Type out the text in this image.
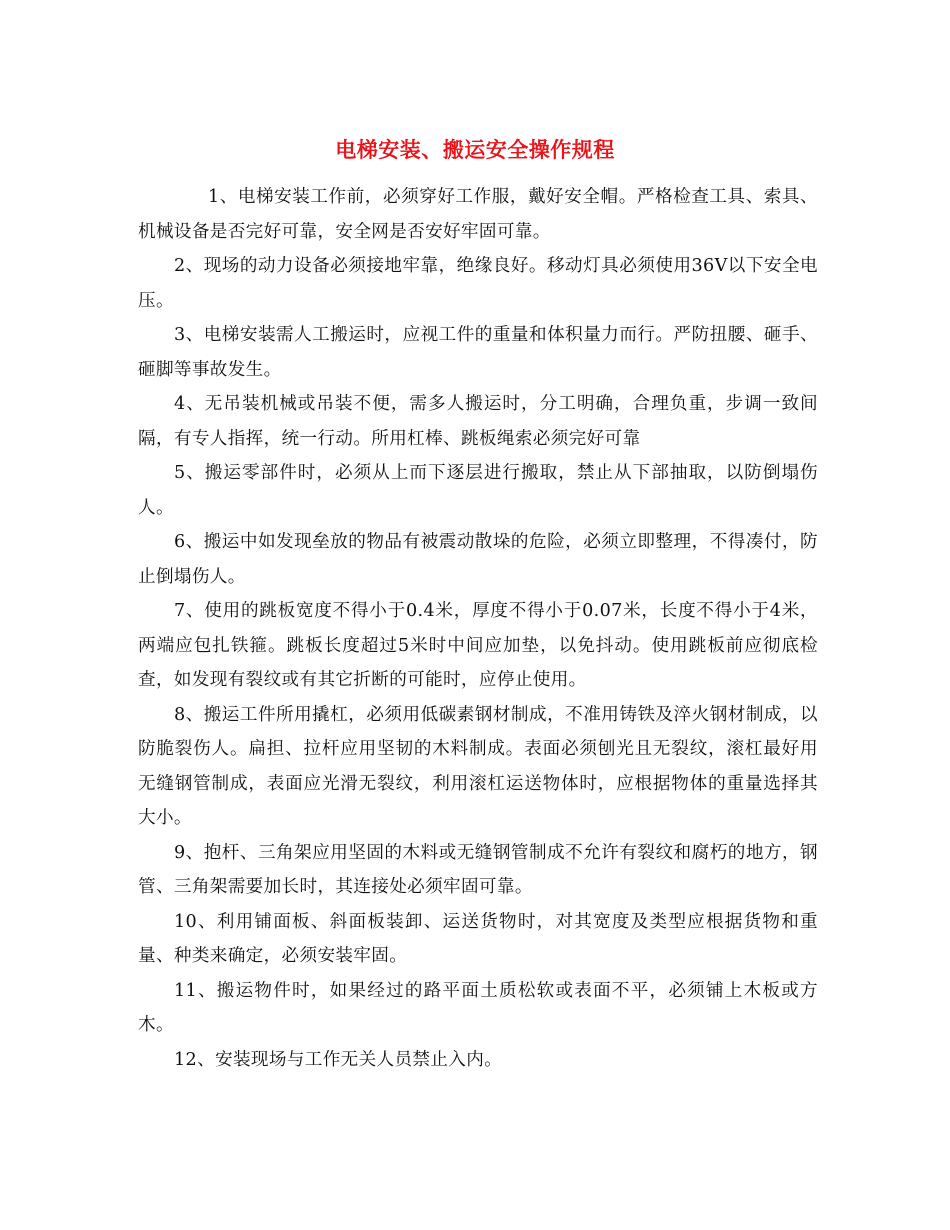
电梯安装、搬运安全操作规程

1、电梯安装工作前，必须穿好工作服，戴好安全帽。严格检查工具、索具、机械设备是否完好可靠，安全网是否安好牢固可靠。

2、现场的动力设备必须接地牢靠，绝缘良好。移动灯具必须使用36V以下安全电压。

3、电梯安装需人工搬运时，应视工件的重量和体积量力而行。严防扭腰、砸手、砸脚等事故发生。

4、无吊装机械或吊装不便，需多人搬运时，分工明确，合理负重，步调一致间隔，有专人指挥，统一行动。所用杠棒、跳板绳索必须完好可靠

5、搬运零部件时，必须从上而下逐层进行搬取，禁止从下部抽取，以防倒塌伤人。

6、搬运中如发现垒放的物品有被震动散垛的危险，必须立即整理，不得凑付，防止倒塌伤人。

7、使用的跳板宽度不得小于0.4米，厚度不得小于0.07米，长度不得小于4米，两端应包扎铁箍。跳板长度超过5米时中间应加垫，以免抖动。使用跳板前应彻底检查，如发现有裂纹或有其它折断的可能时，应停止使用。

8、搬运工件所用撬杠，必须用低碳素钢材制成，不准用铸铁及淬火钢材制成，以防脆裂伤人。扁担、拉杆应用坚韧的木料制成。表面必须刨光且无裂纹，滚杠最好用无缝钢管制成，表面应光滑无裂纹，利用滚杠运送物体时，应根据物体的重量选择其大小。

9、抱杆、三角架应用坚固的木料或无缝钢管制成不允许有裂纹和腐朽的地方，钢管、三角架需要加长时，其连接处必须牢固可靠。

10、利用铺面板、斜面板装卸、运送货物时，对其宽度及类型应根据货物和重量、种类来确定，必须安装牢固。

11、搬运物件时，如果经过的路平面土质松软或表面不平，必须铺上木板或方木。

12、安装现场与工作无关人员禁止入内。
